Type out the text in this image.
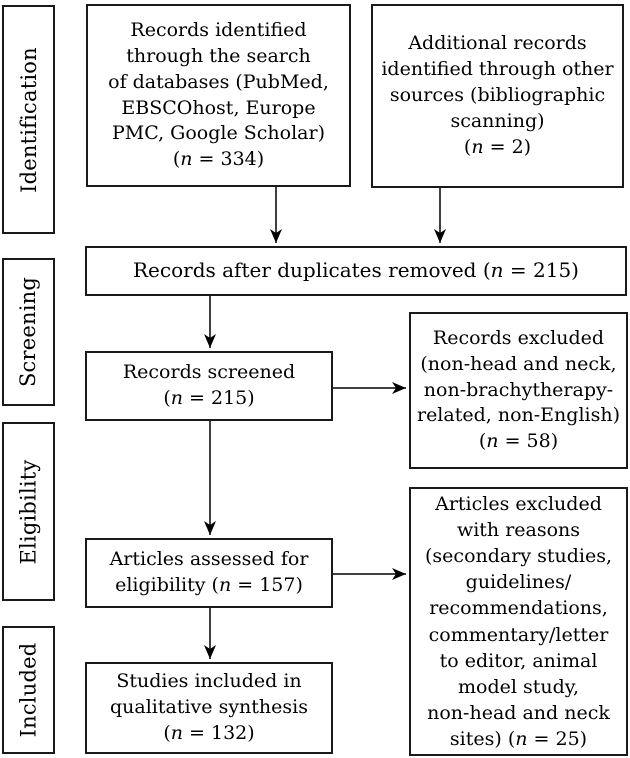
Identification
Screening
Eligibility
Included
Records identified
through the search
of databases (PubMed,
EBSCOhost, Europe
PMC, Google Scholar)
(n = 334)
Additional records
identified through other
sources (bibliographic
scanning)
(n = 2)
Records after duplicates removed (n = 215)
Records screened
(n = 215)
Records excluded
(non-head and neck,
non-brachytherapy-
related, non-English)
(n = 58)
Articles assessed for
eligibility (n = 157)
Articles excluded
with reasons
(secondary studies,
guidelines/
recommendations,
commentary/letter
to editor, animal
model study,
non-head and neck
sites) (n = 25)
Studies included in
qualitative synthesis
(n = 132)
